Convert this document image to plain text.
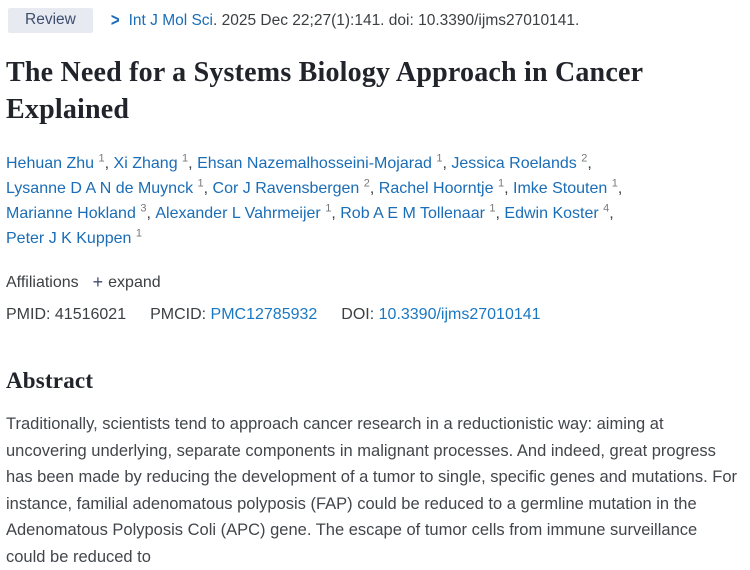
Review	> Int J Mol Sci . 2025 Dec 22;27(1):141. doi: 10.3390/ijms27010141.
The Need for a Systems Biology Approach in Cancer Explained
Hehuan Zhu $^1$, Xi Zhang $^1$, Ehsan Nazemalhosseini-Mojarad $^1$, Jessica Roelands $^2$, Lysanne D A N de Muynck $^1$, Cor J Ravensbergen $^2$, Rachel Hoorntje $^1$, Imke Stouten $^1$, Marianne Hokland $^3$, Alexander L Vahrmeijer $^1$, Rob A E M Tollenaar $^1$, Edwin Koster $^4$, Peter J K Kuppen $^1$
Affiliations + expand
PMID: 41516021 PMCID: PMC12785932 DOI: 10.3390/ijms27010141
Abstract

Traditionally, scientists tend to approach cancer research in a reductionistic way: aiming at uncovering underlying, separate components in malignant processes. And indeed, great progress has been made by reducing the development of a tumor to single, specific genes and mutations. For instance, familial adenomatous polyposis (FAP) could be reduced to a germline mutation in the Adenomatous Polyposis Coli (APC) gene. The escape of tumor cells from immune surveillance could be reduced to
